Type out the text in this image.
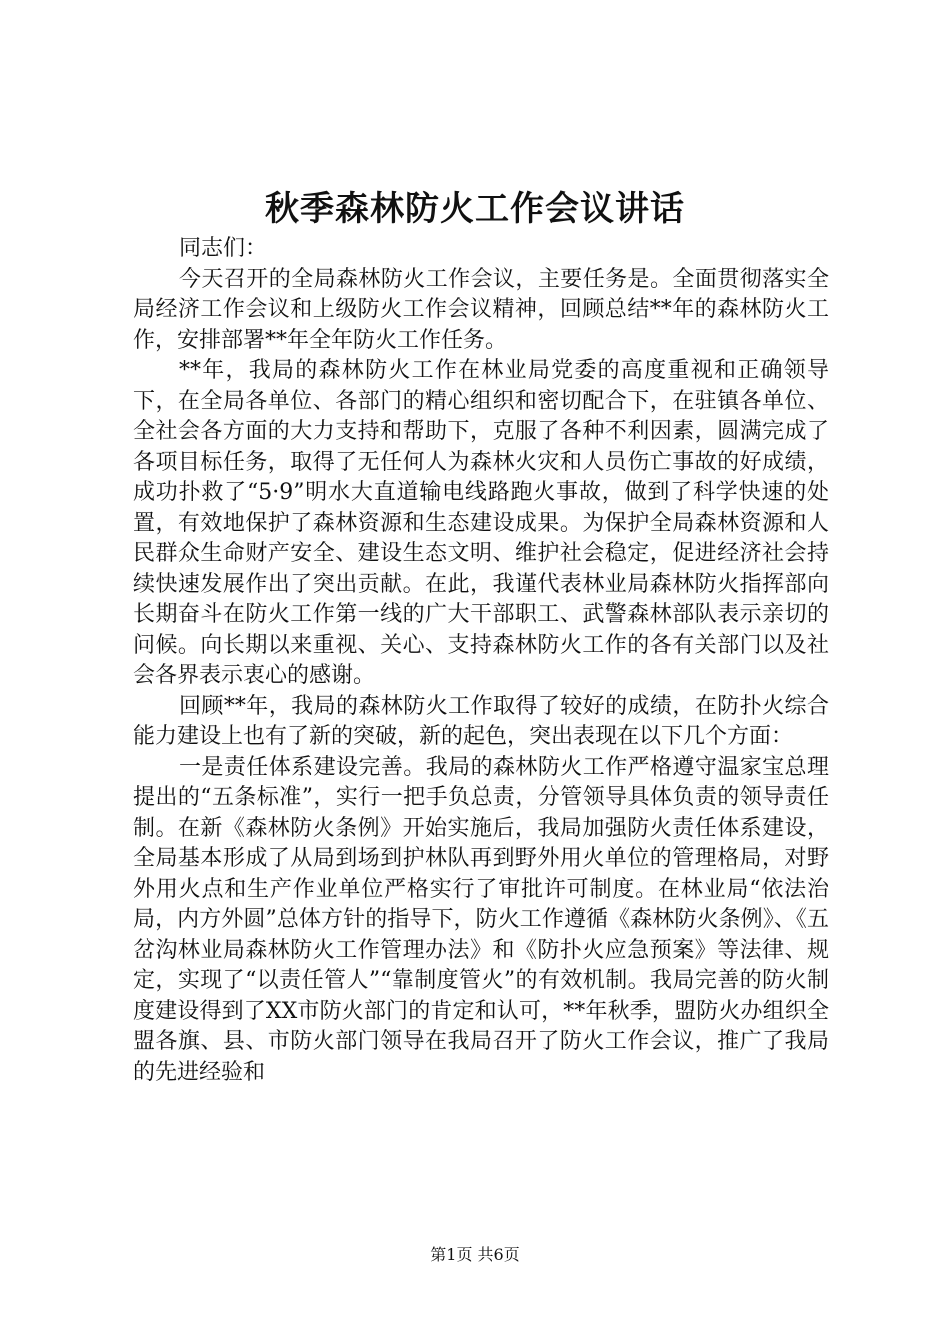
秋季森林防火工作会议讲话

同志们：

今天召开的全局森林防火工作会议，主要任务是。全面贯彻落实全局经济工作会议和上级防火工作会议精神，回顾总结**年的森林防火工作，安排部署**年全年防火工作任务。

**年，我局的森林防火工作在林业局党委的高度重视和正确领导下，在全局各单位、各部门的精心组织和密切配合下，在驻镇各单位、全社会各方面的大力支持和帮助下，克服了各种不利因素，圆满完成了各项目标任务，取得了无任何人为森林火灾和人员伤亡事故的好成绩，成功扑救了“5·9”明水大直道输电线路跑火事故，做到了科学快速的处置，有效地保护了森林资源和生态建设成果。为保护全局森林资源和人民群众生命财产安全、建设生态文明、维护社会稳定，促进经济社会持续快速发展作出了突出贡献。在此，我谨代表林业局森林防火指挥部向长期奋斗在防火工作第一线的广大干部职工、武警森林部队表示亲切的问候。向长期以来重视、关心、支持森林防火工作的各有关部门以及社会各界表示衷心的感谢。

回顾**年，我局的森林防火工作取得了较好的成绩，在防扑火综合能力建设上也有了新的突破，新的起色，突出表现在以下几个方面：

一是责任体系建设完善。我局的森林防火工作严格遵守温家宝总理提出的“五条标准”，实行一把手负总责，分管领导具体负责的领导责任制。在新《森林防火条例》开始实施后，我局加强防火责任体系建设，全局基本形成了从局到场到护林队再到野外用火单位的管理格局，对野外用火点和生产作业单位严格实行了审批许可制度。在林业局“依法治局，内方外圆”总体方针的指导下，防火工作遵循《森林防火条例》、《五岔沟林业局森林防火工作管理办法》和《防扑火应急预案》等法律、规定，实现了“以责任管人”“靠制度管火”的有效机制。我局完善的防火制度建设得到了XX市防火部门的肯定和认可，**年秋季，盟防火办组织全盟各旗、县、市防火部门领导在我局召开了防火工作会议，推广了我局的先进经验和

第1页 共6页
